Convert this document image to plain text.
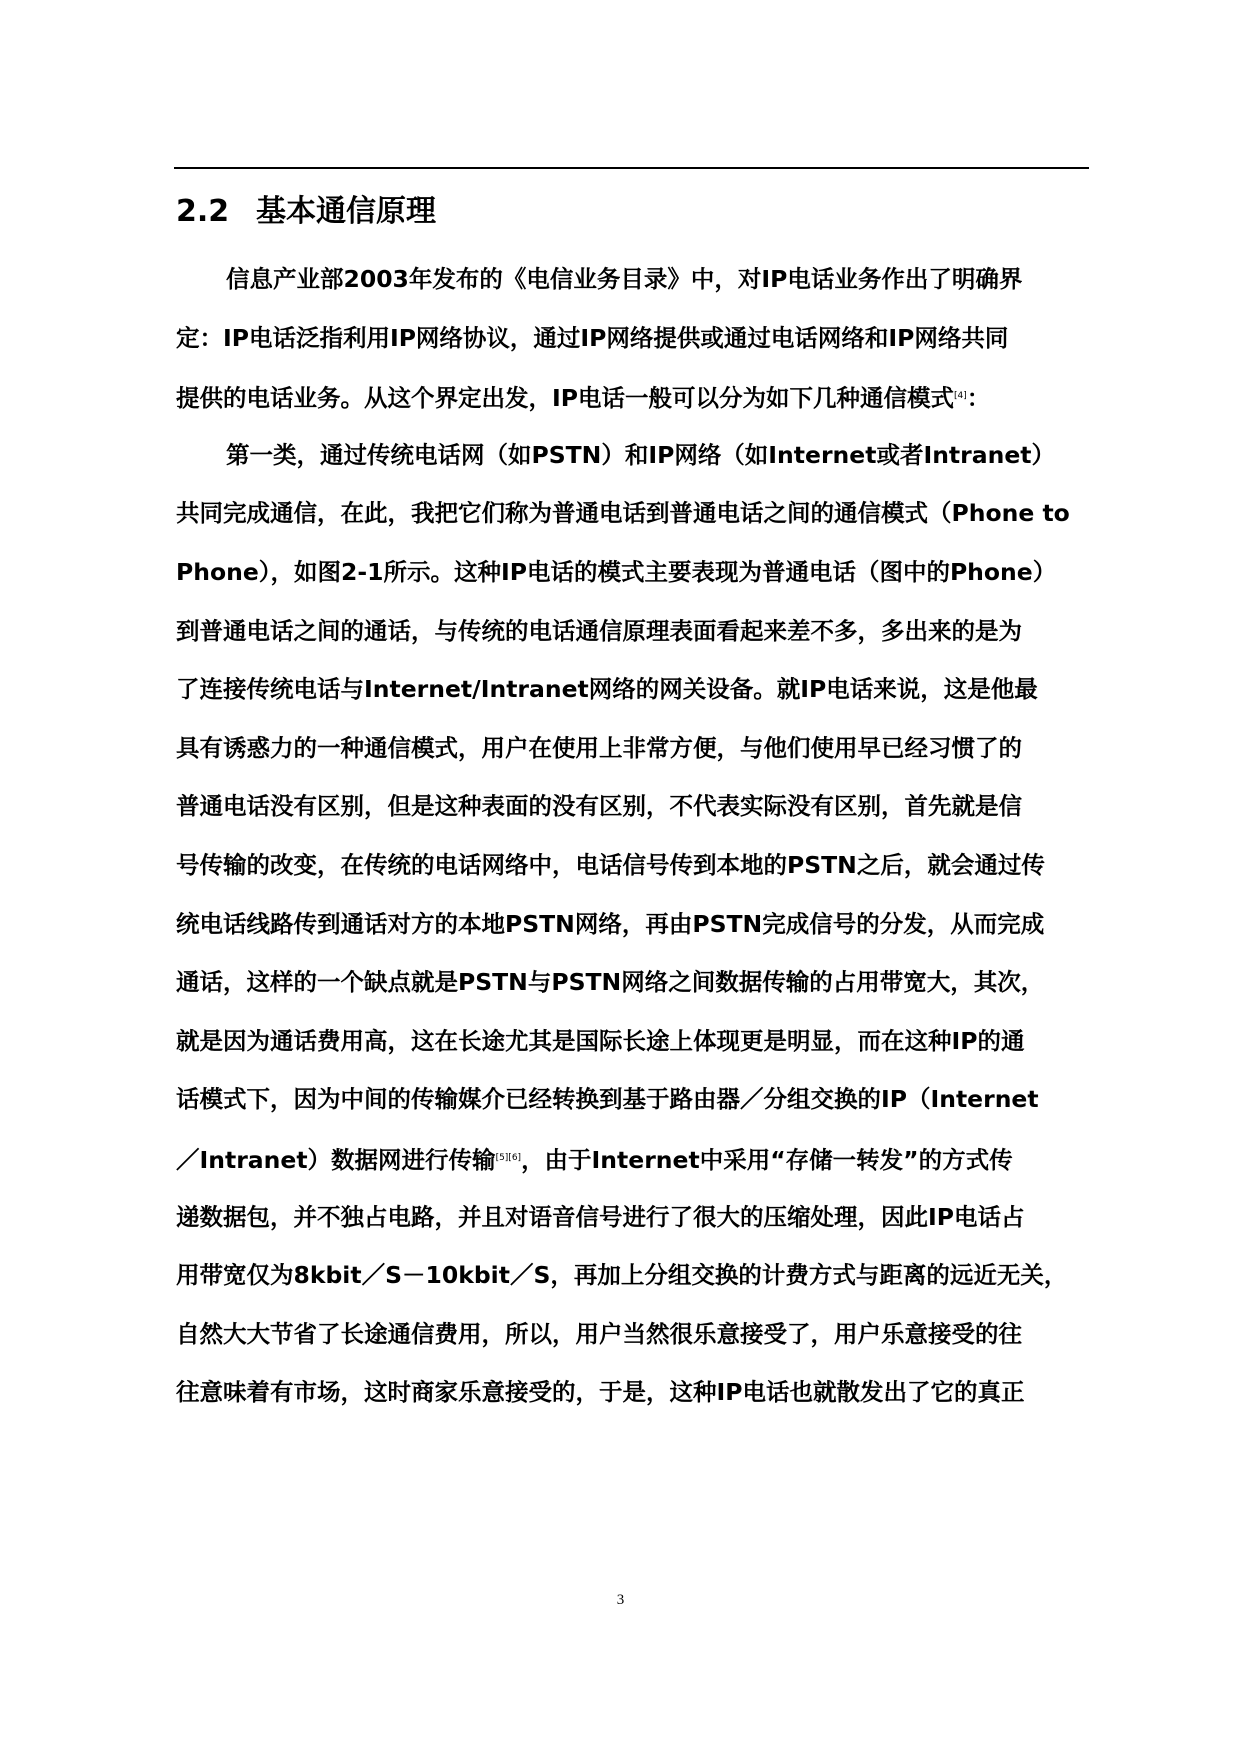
2.2 基本通信原理
信息产业部2003年发布的《电信业务目录》中，对IP电话业务作出了明确界
定：IP电话泛指利用IP网络协议，通过IP网络提供或通过电话网络和IP网络共同
提供的电话业务。从这个界定出发，IP电话一般可以分为如下几种通信模式[4]：
第一类，通过传统电话网（如PSTN）和IP网络（如Internet或者Intranet）
共同完成通信，在此，我把它们称为普通电话到普通电话之间的通信模式（Phone to
Phone），如图2-1所示。这种IP电话的模式主要表现为普通电话（图中的Phone）
到普通电话之间的通话，与传统的电话通信原理表面看起来差不多，多出来的是为
了连接传统电话与Internet/Intranet网络的网关设备。就IP电话来说，这是他最
具有诱惑力的一种通信模式，用户在使用上非常方便，与他们使用早已经习惯了的
普通电话没有区别，但是这种表面的没有区别，不代表实际没有区别，首先就是信
号传输的改变，在传统的电话网络中，电话信号传到本地的PSTN之后，就会通过传
统电话线路传到通话对方的本地PSTN网络，再由PSTN完成信号的分发，从而完成
通话，这样的一个缺点就是PSTN与PSTN网络之间数据传输的占用带宽大，其次，
就是因为通话费用高，这在长途尤其是国际长途上体现更是明显，而在这种IP的通
话模式下，因为中间的传输媒介已经转换到基于路由器／分组交换的IP（Internet
／Intranet）数据网进行传输[5][6]，由于Internet中采用“存储一转发”的方式传
递数据包，并不独占电路，并且对语音信号进行了很大的压缩处理，因此IP电话占
用带宽仅为8kbit／S－10kbit／S，再加上分组交换的计费方式与距离的远近无关，
自然大大节省了长途通信费用，所以，用户当然很乐意接受了，用户乐意接受的往
往意味着有市场，这时商家乐意接受的，于是，这种IP电话也就散发出了它的真正
3
